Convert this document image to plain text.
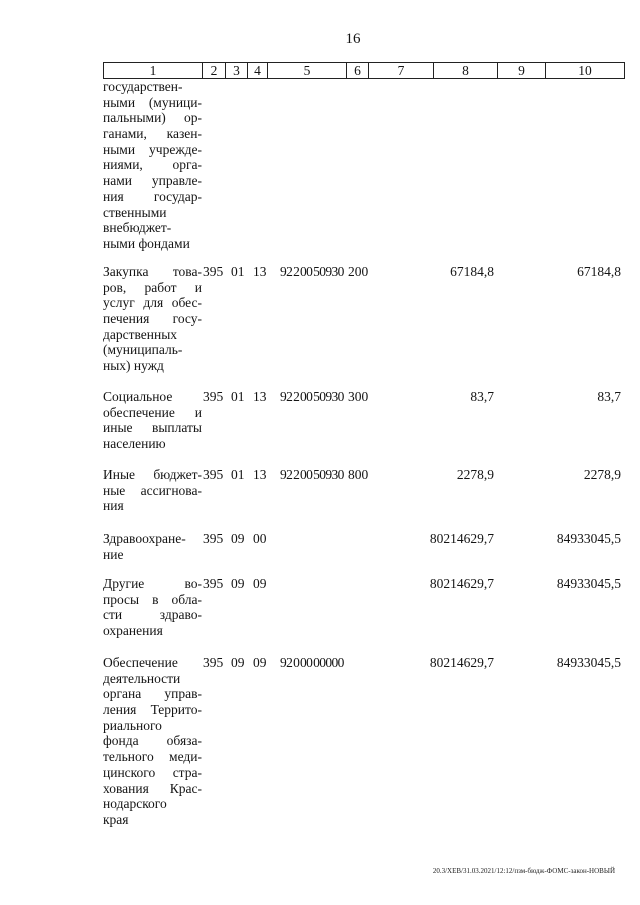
16
1	2	3	4	5	6	7	8	9	10
государствен-
ными (муници-
пальными) ор-
ганами, казен-
ными учрежде-
ниями, орга-
нами управле-
ния государ-
ственными
внебюджет-
ными фондами
Закупка това-
ров, работ и
услуг для обес-
печения госу-
дарственных
(муниципаль-
ных) нужд
395 01 13 92 2 00 50930 200	67184,8	67184,8
Социальное
обеспечение и
иные выплаты
населению
395 01 13 92 2 00 50930 300	83,7	83,7
Иные бюджет-
ные ассигнова-
ния
395 01 13 92 2 00 50930 800	2278,9	2278,9
Здравоохране-
ние
395 09 00	80214629,7	84933045,5
Другие во-
просы в обла-
сти здраво-
охранения
395 09 09	80214629,7	84933045,5
Обеспечение
деятельности
органа управ-
ления Террито-
риального
фонда обяза-
тельного меди-
цинского стра-
хования Крас-
нодарского
края
395 09 09 92 0 00 00000	80214629,7	84933045,5
20.3/ХЕВ/31.03.2021/12:12/пзм-бюдж-ФОМС-закон-НОВЫЙ
